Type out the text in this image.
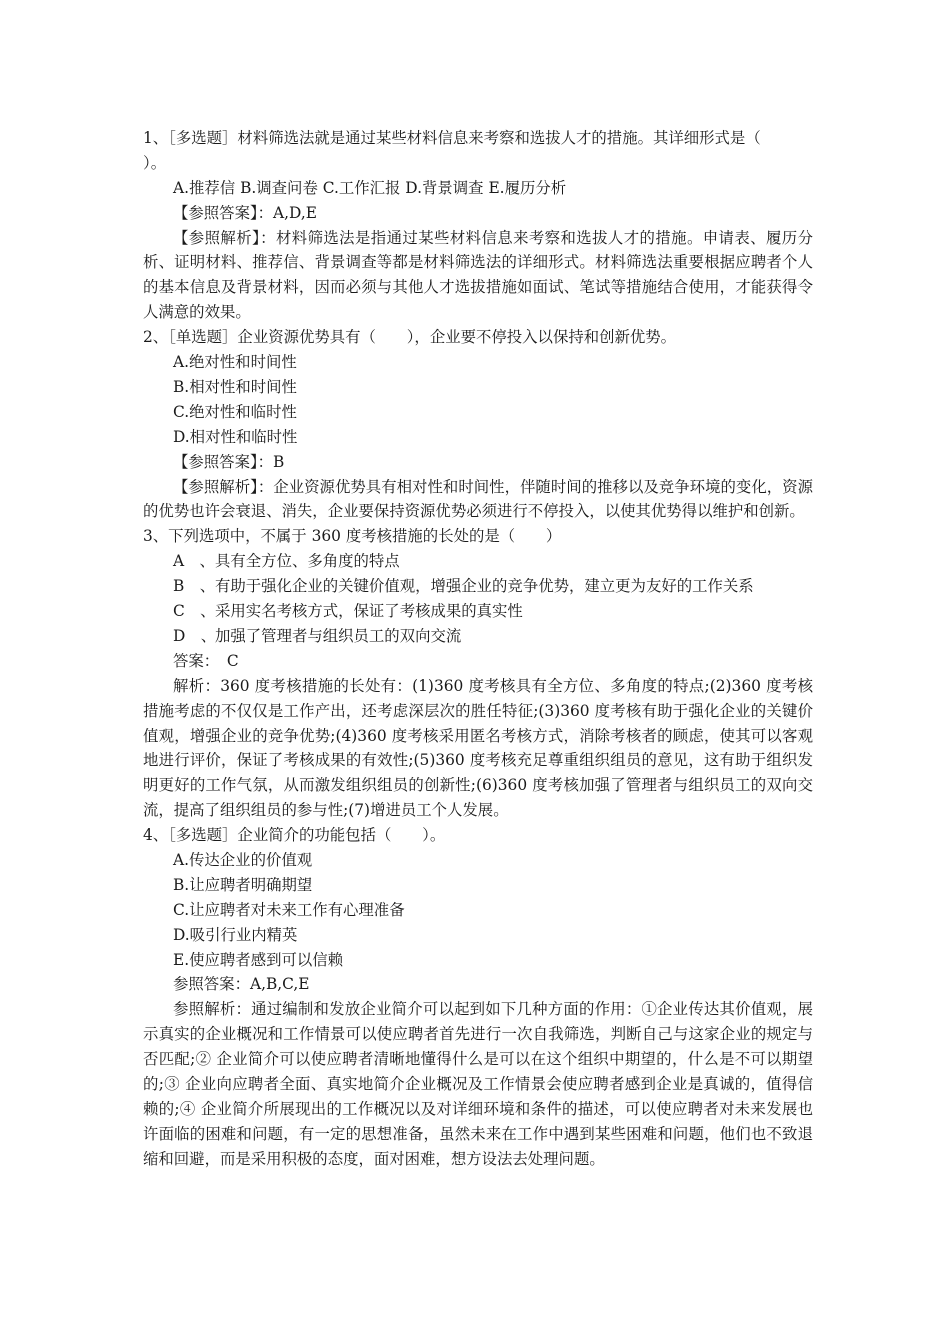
1、［多选题］材料筛选法就是通过某些材料信息来考察和选拔人才的措施。其详细形式是（
）。
A.推荐信 B.调查问卷 C.工作汇报 D.背景调查 E.履历分析
【参照答案】：A,D,E
【参照解析】：材料筛选法是指通过某些材料信息来考察和选拔人才的措施。申请表、履历分析、证明材料、推荐信、背景调查等都是材料筛选法的详细形式。材料筛选法重要根据应聘者个人的基本信息及背景材料，因而必须与其他人才选拔措施如面试、笔试等措施结合使用，才能获得令人满意的效果。
2、［单选题］企业资源优势具有（　　），企业要不停投入以保持和创新优势。
A.绝对性和时间性
B.相对性和时间性
C.绝对性和临时性
D.相对性和临时性
【参照答案】：B
【参照解析】：企业资源优势具有相对性和时间性，伴随时间的推移以及竞争环境的变化，资源的优势也许会衰退、消失，企业要保持资源优势必须进行不停投入，以使其优势得以维护和创新。
3、下列选项中，不属于 360 度考核措施的长处的是（　　）
A　、具有全方位、多角度的特点
B　、有助于强化企业的关键价值观，增强企业的竞争优势，建立更为友好的工作关系
C　、采用实名考核方式，保证了考核成果的真实性
D　、加强了管理者与组织员工的双向交流
答案：　C
解析：360 度考核措施的长处有：(1)360 度考核具有全方位、多角度的特点;(2)360 度考核措施考虑的不仅仅是工作产出，还考虑深层次的胜任特征;(3)360 度考核有助于强化企业的关键价值观，增强企业的竞争优势;(4)360 度考核采用匿名考核方式，消除考核者的顾虑，使其可以客观地进行评价，保证了考核成果的有效性;(5)360 度考核充足尊重组织组员的意见，这有助于组织发明更好的工作气氛，从而激发组织组员的创新性;(6)360 度考核加强了管理者与组织员工的双向交流，提高了组织组员的参与性;(7)增进员工个人发展。
4、［多选题］企业简介的功能包括（　　）。
A.传达企业的价值观
B.让应聘者明确期望
C.让应聘者对未来工作有心理准备
D.吸引行业内精英
E.使应聘者感到可以信赖
参照答案：A,B,C,E
参照解析：通过编制和发放企业简介可以起到如下几种方面的作用：①企业传达其价值观，展示真实的企业概况和工作情景可以使应聘者首先进行一次自我筛选，判断自己与这家企业的规定与否匹配;② 企业简介可以使应聘者清晰地懂得什么是可以在这个组织中期望的，什么是不可以期望的;③ 企业向应聘者全面、真实地简介企业概况及工作情景会使应聘者感到企业是真诚的，值得信赖的;④ 企业简介所展现出的工作概况以及对详细环境和条件的描述，可以使应聘者对未来发展也许面临的困难和问题，有一定的思想准备，虽然未来在工作中遇到某些困难和问题，他们也不致退缩和回避，而是采用积极的态度，面对困难，想方设法去处理问题。
